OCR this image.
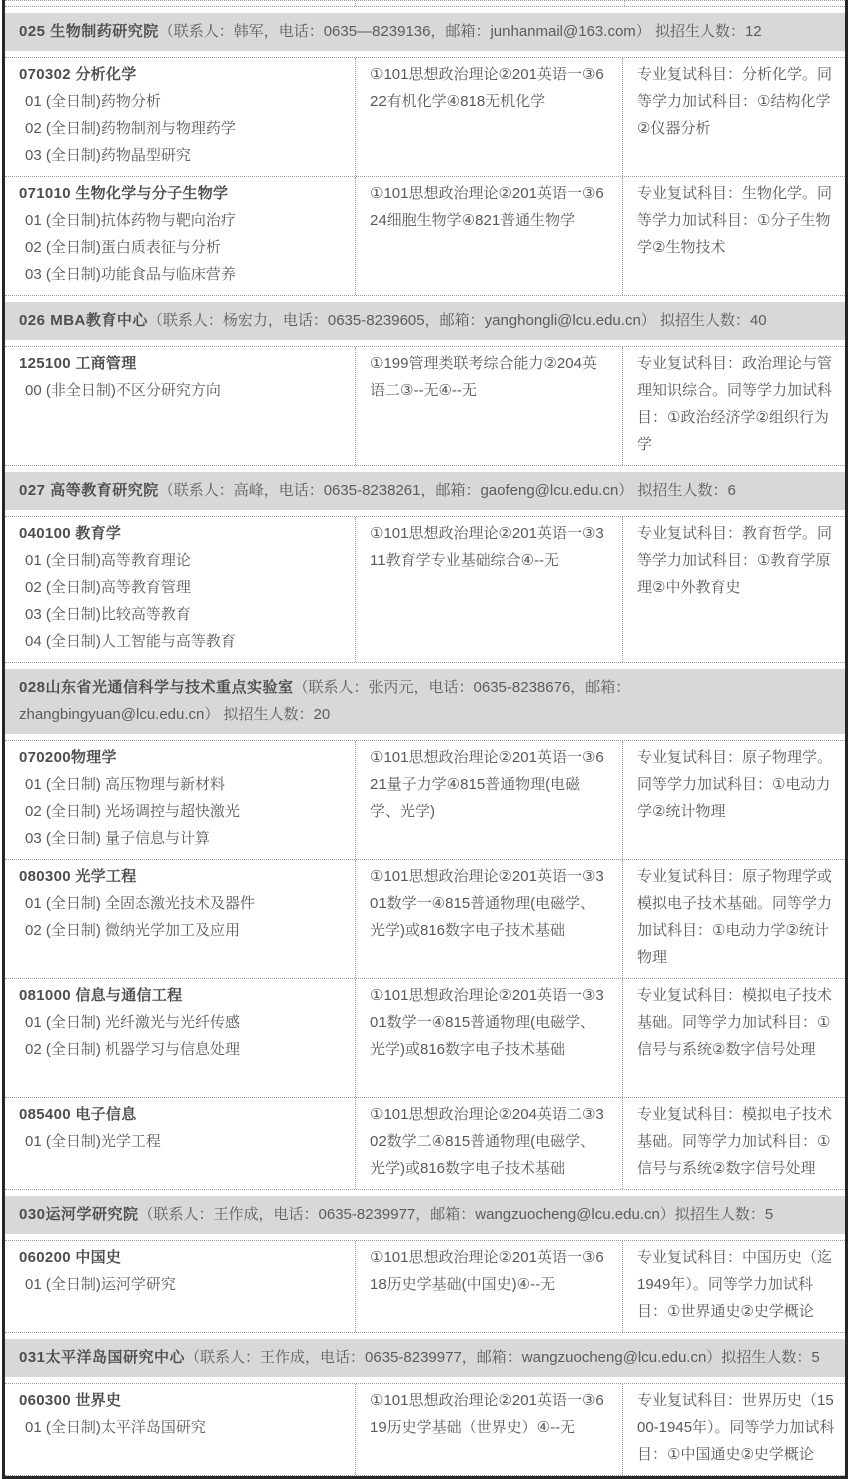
025 生物制药研究院（联系人：韩军，电话：0635—8239136，邮箱：junhanmail@163.com） 拟招生人数：12

070302 分析化学

01 (全日制)药物分析

02 (全日制)药物制剂与物理药学

03 (全日制)药物晶型研究

①101思想政治理论②201英语一③622有机化学④818无机化学

专业复试科目：分析化学。同等学力加试科目：①结构化学②仪器分析

071010 生物化学与分子生物学

01 (全日制)抗体药物与靶向治疗

02 (全日制)蛋白质表征与分析

03 (全日制)功能食品与临床营养

①101思想政治理论②201英语一③624细胞生物学④821普通生物学

专业复试科目：生物化学。同等学力加试科目：①分子生物学②生物技术

026 MBA教育中心（联系人：杨宏力，电话：0635-8239605，邮箱：yanghongli@lcu.edu.cn） 拟招生人数：40

125100 工商管理

00 (非全日制)不区分研究方向

①199管理类联考综合能力②204英语二③--无④--无

专业复试科目：政治理论与管理知识综合。同等学力加试科目：①政治经济学②组织行为学

027 高等教育研究院（联系人：高峰，电话：0635-8238261，邮箱：gaofeng@lcu.edu.cn） 拟招生人数：6

040100 教育学

01 (全日制)高等教育理论

02 (全日制)高等教育管理

03 (全日制)比较高等教育

04 (全日制)人工智能与高等教育

①101思想政治理论②201英语一③311教育学专业基础综合④--无

专业复试科目：教育哲学。同等学力加试科目：①教育学原理②中外教育史

028山东省光通信科学与技术重点实验室（联系人：张丙元，电话：0635-8238676，邮箱：

zhangbingyuan@lcu.edu.cn） 拟招生人数：20

070200物理学

01 (全日制) 高压物理与新材料

02 (全日制) 光场调控与超快激光

03 (全日制) 量子信息与计算

①101思想政治理论②201英语一③621量子力学④815普通物理(电磁学、光学)

专业复试科目：原子物理学。同等学力加试科目：①电动力学②统计物理

080300 光学工程

01 (全日制) 全固态激光技术及器件

02 (全日制) 微纳光学加工及应用

①101思想政治理论②201英语一③301数学一④815普通物理(电磁学、光学)或816数字电子技术基础

专业复试科目：原子物理学或模拟电子技术基础。同等学力加试科目：①电动力学②统计物理

081000 信息与通信工程

01 (全日制) 光纤激光与光纤传感

02 (全日制) 机器学习与信息处理

①101思想政治理论②201英语一③301数学一④815普通物理(电磁学、光学)或816数字电子技术基础

专业复试科目：模拟电子技术基础。同等学力加试科目：①信号与系统②数字信号处理

085400 电子信息

01 (全日制)光学工程

①101思想政治理论②204英语二③302数学二④815普通物理(电磁学、光学)或816数字电子技术基础

专业复试科目：模拟电子技术基础。同等学力加试科目：①信号与系统②数字信号处理

030运河学研究院（联系人：王作成，电话：0635-8239977，邮箱：wangzuocheng@lcu.edu.cn）拟招生人数：5

060200 中国史

01 (全日制)运河学研究

①101思想政治理论②201英语一③618历史学基础(中国史)④--无

专业复试科目：中国历史（迄1949年）。同等学力加试科目：①世界通史②史学概论

031太平洋岛国研究中心（联系人：王作成，电话：0635-8239977，邮箱：wangzuocheng@lcu.edu.cn）拟招生人数：5

060300 世界史

01 (全日制)太平洋岛国研究

①101思想政治理论②201英语一③619历史学基础（世界史）④--无

专业复试科目：世界历史（1500-1945年）。同等学力加试科目：①中国通史②史学概论
